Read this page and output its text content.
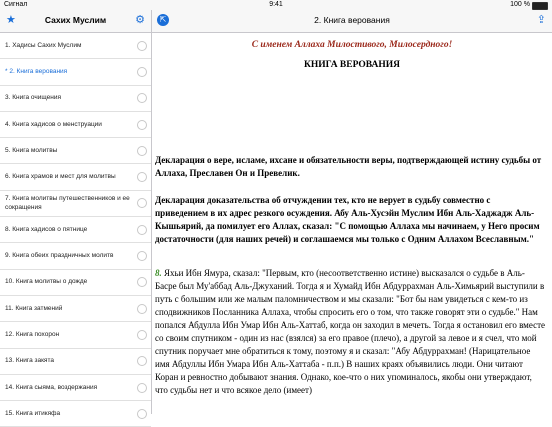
Сигнал	9:41	100 %
★	Сахих Муслим	⚙
1. Хадисы Сахих Муслим
* 2. Книга верования
3. Книга очищения
4. Книга хадисов о менструации
5. Книга молитвы
6. Книга храмов и мест для молитвы
7. Книга молитвы путешественников и ее сокращения
8. Книга хадисов о пятнице
9. Книга обеих праздничных молитв
10. Книга молитвы о дожде
11. Книга затмений
12. Книга похорон
13. Книга закята
14. Книга сыяма, воздержания
15. Книга итикяфа
⇱	2. Книга верования	⇪
С именем Аллаха Милостивого, Милосердного!
КНИГА ВЕРОВАНИЯ
Декларация о вере, исламе, ихсане и обязательности веры, подтверждающей истину судьбы от Аллаха, Преславен Он и Превелик.
Декларация доказательства об отчуждении тех, кто не верует в судьбу совместно с приведением в их адрес резкого осуждения. Абу Аль-Хусэйн Муслим Ибн Аль-Хаджадж Аль-Кышьярий, да помилует его Аллах, сказал: "С помощью Аллаха мы начинаем, у Него просим достаточности (для наших речей) и соглашаемся мы только с Одним Аллахом Всеславным."
8. Яхьи Ибн Ямура, сказал: "Первым, кто (несоответственно истине) высказался о судьбе в Аль-Басре был Му'аббад Аль-Джуханий. Тогда я и Хумайд Ибн Абдуррахман Аль-Химьярий выступили в путь с большим или же малым паломничеством и мы сказали: "Бот бы нам увидеться с кем-то из сподвижников Посланника Аллаха, чтобы спросить его о том, что также говорят эти о судьбе." Нам попался Абдулла Ибн Умар Ибн Аль-Хаттаб, когда он заходил в мечеть. Тогда я остановил его вместе со своим спутником - один из нас (взялся) за его правое (плечо), а другой за левое и я счел, что мой спутник поручает мне обратиться к тому, поэтому я и сказал: "Абу Абдуррахман! (Нарицательное имя Абдуллы Ибн Умара Ибн Аль-Хаттаба - п.п.) В наших краях объявились люди. Они читают Коран и ревностно добывают знания. Однако, кое-что о них упоминалось, якобы они утверждают, что судьбы нет и что всякое дело (имеет)
